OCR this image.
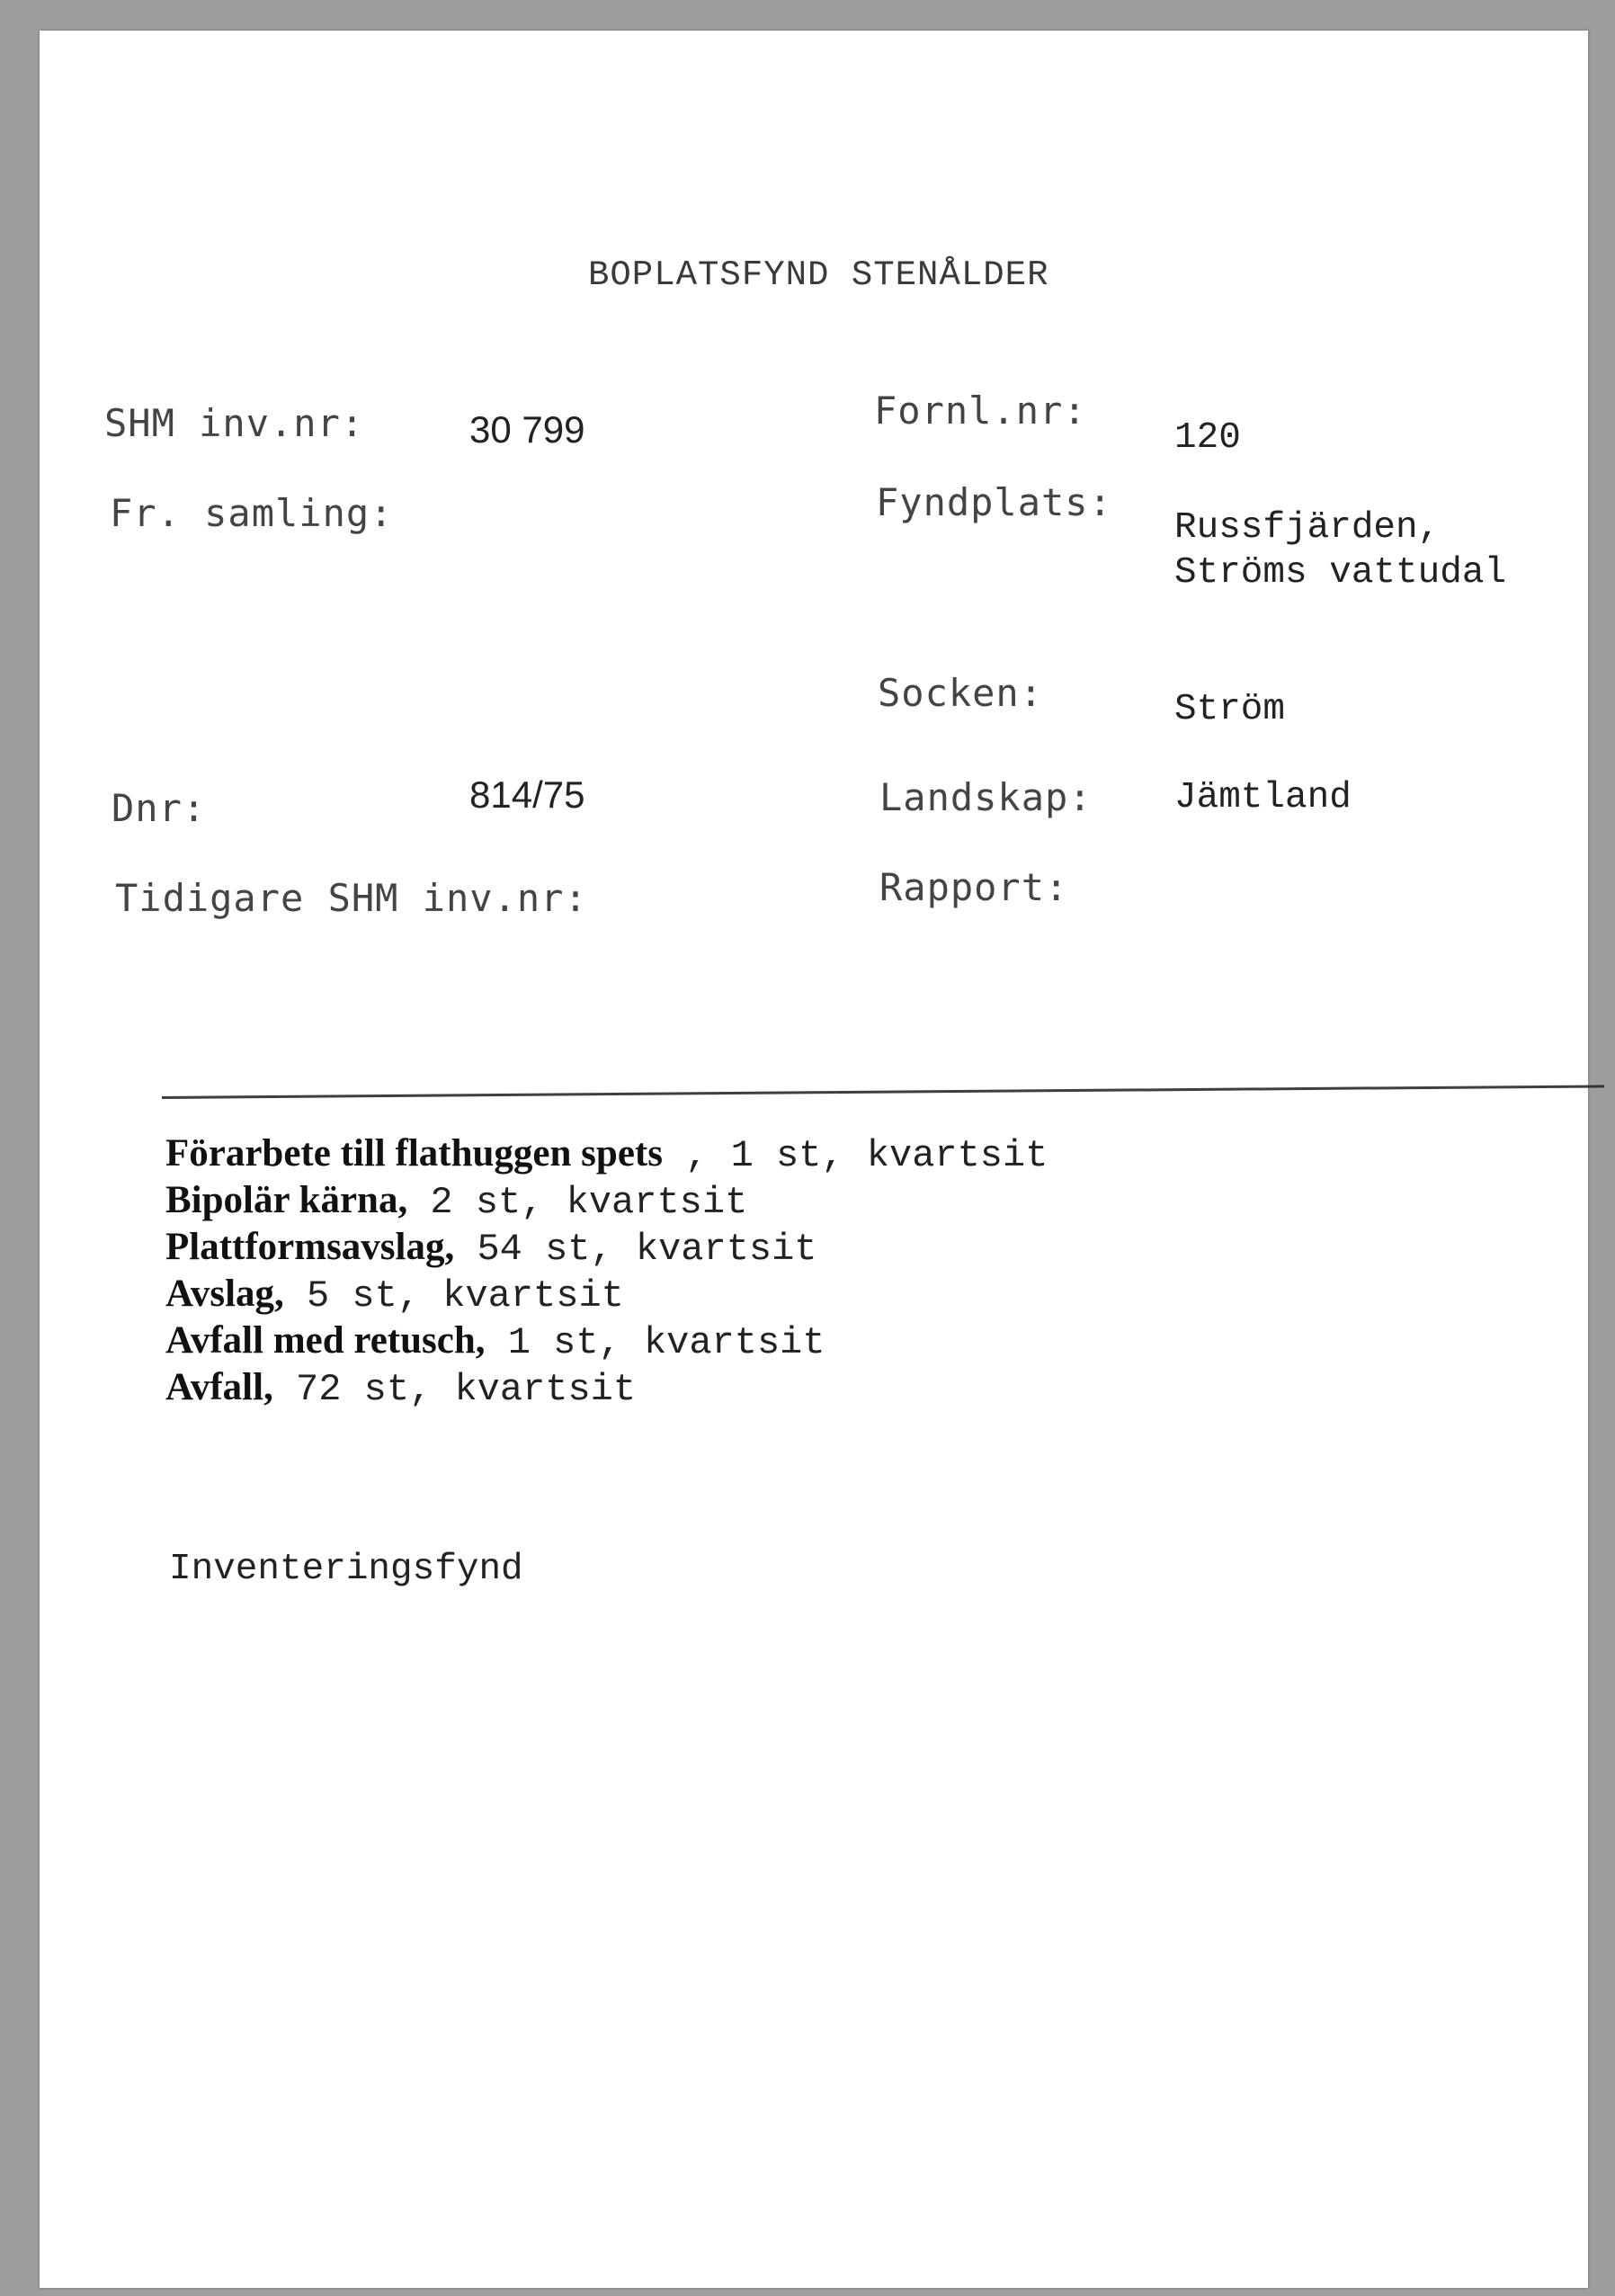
BOPLATSFYND STENÅLDER
SHM inv.nr:	30 799
Fr. samling:
Dnr:	814/75
Tidigare SHM inv.nr:
Fornl.nr:
120
Fyndplats:
Russfjärden,
Ströms vattudal
Socken:	Ström
Landskap: Jämtland
Rapport:
Förarbete till flathuggen spets , 1 st, kvartsit
Bipolär kärna, 2 st, kvartsit
Plattformsavslag, 54 st, kvartsit
Avslag, 5 st, kvartsit
Avfall med retusch, 1 st, kvartsit
Avfall, 72 st, kvartsit
Inventeringsfynd
